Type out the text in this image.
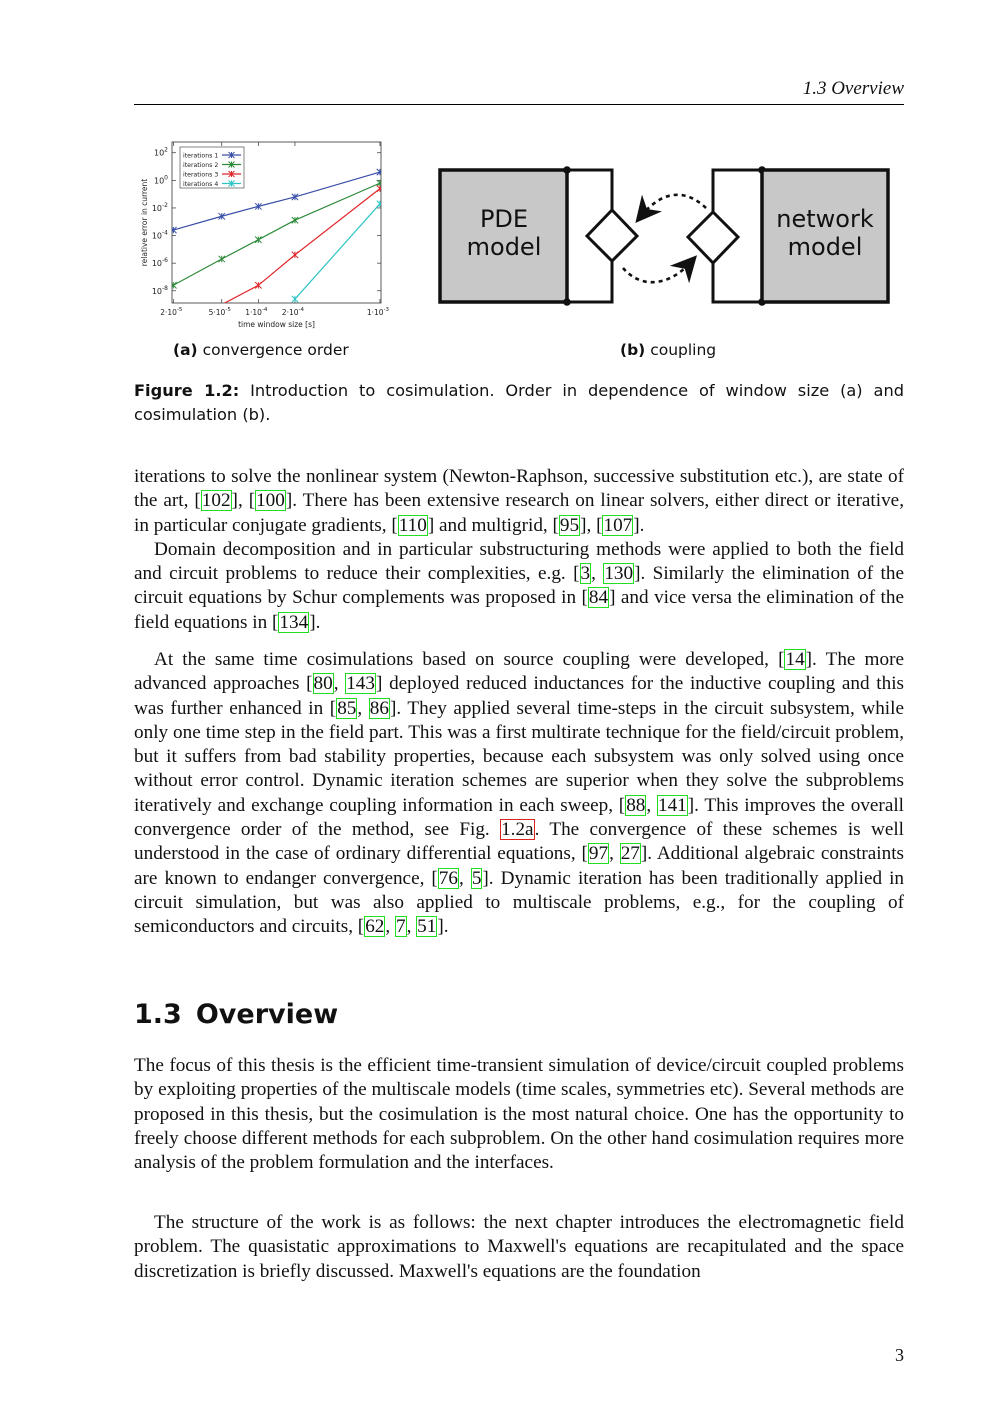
1.3 Overview
$10^2$
$10^0$
$10^{-2}$
$10^{-4}$
$10^{-6}$
$10^{-8}$
$2\cdot 10^{-5}$	$5\cdot 10^{-5}$ $1\cdot 10^{-4}$ $2\cdot 10^{-4}$	$1\cdot 10^{-3}$
time window size [s]
relative error in current
iterations 1
iterations 2
iterations 3
iterations 4
PDE
model
network
model
(a) convergence order	(b) coupling
Figure 1.2: Introduction to cosimulation. Order in dependence of window size (a) and cosimulation (b).

iterations to solve the nonlinear system (Newton-Raphson, successive substitution etc.), are state of the art, [102], [100]. There has been extensive research on linear solvers, either direct or iterative, in particular conjugate gradients, [110] and multigrid, [95], [107].

Domain decomposition and in particular substructuring methods were applied to both the field and circuit problems to reduce their complexities, e.g. [3, 130]. Similarly the elimination of the circuit equations by Schur complements was proposed in [84] and vice versa the elimination of the field equations in [134].

At the same time cosimulations based on source coupling were developed, [14]. The more advanced approaches [80, 143] deployed reduced inductances for the inductive coupling and this was further enhanced in [85, 86]. They applied several time-steps in the circuit subsystem, while only one time step in the field part. This was a first multirate technique for the field/circuit problem, but it suffers from bad stability properties, because each subsystem was only solved using once without error control. Dynamic iteration schemes are superior when they solve the subproblems iteratively and exchange coupling information in each sweep, [88, 141]. This improves the overall convergence order of the method, see Fig. 1.2a. The convergence of these schemes is well understood in the case of ordinary differential equations, [97, 27]. Additional algebraic constraints are known to endanger convergence, [76, 5]. Dynamic iteration has been traditionally applied in circuit simulation, but was also applied to multiscale problems, e.g., for the coupling of semiconductors and circuits, [62, 7, 51].

1.3 Overview

The focus of this thesis is the efficient time-transient simulation of device/circuit coupled problems by exploiting properties of the multiscale models (time scales, symmetries etc). Several methods are proposed in this thesis, but the cosimulation is the most natural choice. One has the opportunity to freely choose different methods for each subproblem. On the other hand cosimulation requires more analysis of the problem formulation and the interfaces.

The structure of the work is as follows: the next chapter introduces the electromagnetic field problem. The quasistatic approximations to Maxwell's equations are recapitulated and the space discretization is briefly discussed. Maxwell's equations are the foundation

3
